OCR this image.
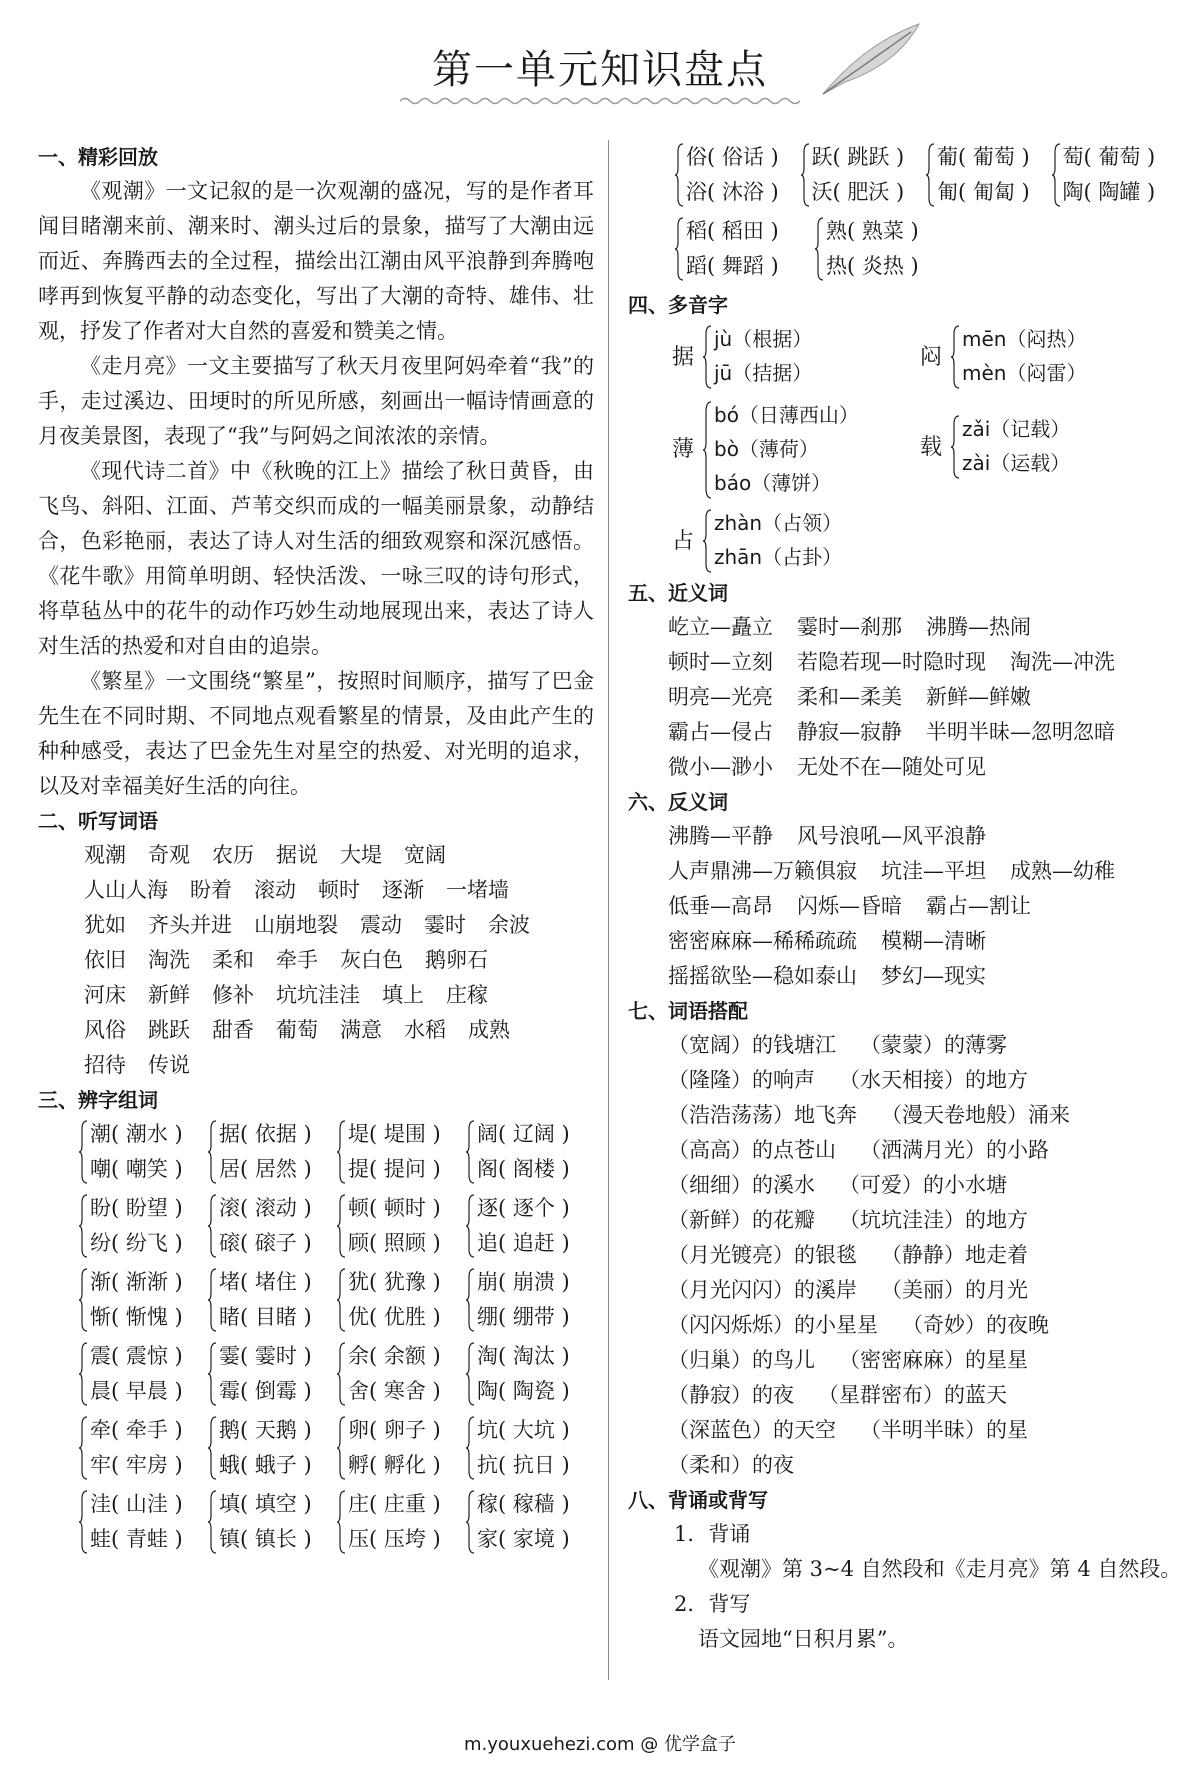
第一单元知识盘点
一、精彩回放

《观潮》一文记叙的是一次观潮的盛况，写的是作者耳闻目睹潮来前、潮来时、潮头过后的景象，描写了大潮由远而近、奔腾西去的全过程，描绘出江潮由风平浪静到奔腾咆哮再到恢复平静的动态变化，写出了大潮的奇特、雄伟、壮观，抒发了作者对大自然的喜爱和赞美之情。

《走月亮》一文主要描写了秋天月夜里阿妈牵着“我”的手，走过溪边、田埂时的所见所感，刻画出一幅诗情画意的月夜美景图，表现了“我”与阿妈之间浓浓的亲情。

《现代诗二首》中《秋晚的江上》描绘了秋日黄昏，由飞鸟、斜阳、江面、芦苇交织而成的一幅美丽景象，动静结合，色彩艳丽，表达了诗人对生活的细致观察和深沉感悟。《花牛歌》用简单明朗、轻快活泼、一咏三叹的诗句形式，将草毡丛中的花牛的动作巧妙生动地展现出来，表达了诗人对生活的热爱和对自由的追崇。

《繁星》一文围绕“繁星”，按照时间顺序，描写了巴金先生在不同时期、不同地点观看繁星的情景，及由此产生的种种感受，表达了巴金先生对星空的热爱、对光明的追求，以及对幸福美好生活的向往。

二、听写词语
观潮 奇观 农历 据说 大堤 宽阔
人山人海 盼着 滚动 顿时 逐渐 一堵墙
犹如 齐头并进 山崩地裂 震动 霎时 余波
依旧 淘洗 柔和 牵手 灰白色 鹅卵石
河床 新鲜 修补 坑坑洼洼 填上 庄稼
风俗 跳跃 甜香 葡萄 满意 水稻 成熟
招待 传说
三、辨字组词
潮( 潮水 )
嘲( 嘲笑 )
据( 依据 )
居( 居然 )
堤( 堤围 )
提( 提问 )
阔( 辽阔 )
阁( 阁楼 )
盼( 盼望 )
纷( 纷飞 )
滚( 滚动 )
磙( 磙子 )
顿( 顿时 )
顾( 照顾 )
逐( 逐个 )
追( 追赶 )
渐( 渐渐 )
惭( 惭愧 )
堵( 堵住 )
睹( 目睹 )
犹( 犹豫 )
优( 优胜 )
崩( 崩溃 )
绷( 绷带 )
震( 震惊 )
晨( 早晨 )
霎( 霎时 )
霉( 倒霉 )
余( 余额 )
舍( 寒舍 )
淘( 淘汰 )
陶( 陶瓷 )
牵( 牵手 )
牢( 牢房 )
鹅( 天鹅 )
蛾( 蛾子 )
卵( 卵子 )
孵( 孵化 )
坑( 大坑 )
抗( 抗日 )
洼( 山洼 )
蛙( 青蛙 )
填( 填空 )
镇( 镇长 )
庄( 庄重 )
压( 压垮 )
稼( 稼穑 )
家( 家境 )
俗( 俗话 )
浴( 沐浴 )
跃( 跳跃 )
沃( 肥沃 )
葡( 葡萄 )
匍( 匍匐 )
萄( 葡萄 )
陶( 陶罐 )
稻( 稻田 )
蹈( 舞蹈 )
熟( 熟菜 )
热( 炎热 )
四、多音字
据
jù（根据）
jū（拮据）
闷
mēn（闷热）
mèn（闷雷）
薄
bó（日薄西山）
bò（薄荷）
báo（薄饼）
载
zǎi（记载）
zài（运载）
占
zhàn（占领）
zhān（占卦）
五、近义词
屹立—矗立 霎时—刹那 沸腾—热闹
顿时—立刻 若隐若现—时隐时现 淘洗—冲洗
明亮—光亮 柔和—柔美 新鲜—鲜嫩
霸占—侵占 静寂—寂静 半明半昧—忽明忽暗
微小—渺小 无处不在—随处可见
六、反义词
沸腾—平静 风号浪吼—风平浪静
人声鼎沸—万籁俱寂 坑洼—平坦 成熟—幼稚
低垂—高昂 闪烁—昏暗 霸占—割让
密密麻麻—稀稀疏疏 模糊—清晰
摇摇欲坠—稳如泰山 梦幻—现实
七、词语搭配
（宽阔）的钱塘江 （蒙蒙）的薄雾
（隆隆）的响声 （水天相接）的地方
（浩浩荡荡）地飞奔 （漫天卷地般）涌来
（高高）的点苍山 （洒满月光）的小路
（细细）的溪水 （可爱）的小水塘
（新鲜）的花瓣 （坑坑洼洼）的地方
（月光镀亮）的银毯 （静静）地走着
（月光闪闪）的溪岸 （美丽）的月光
（闪闪烁烁）的小星星 （奇妙）的夜晚
（归巢）的鸟儿 （密密麻麻）的星星
（静寂）的夜 （星群密布）的蓝天
（深蓝色）的天空 （半明半昧）的星
（柔和）的夜
八、背诵或背写
1．背诵
《观潮》第 3~4 自然段和《走月亮》第 4 自然段。
2．背写
语文园地“日积月累”。
m.youxuehezi.com @ 优学盒子
